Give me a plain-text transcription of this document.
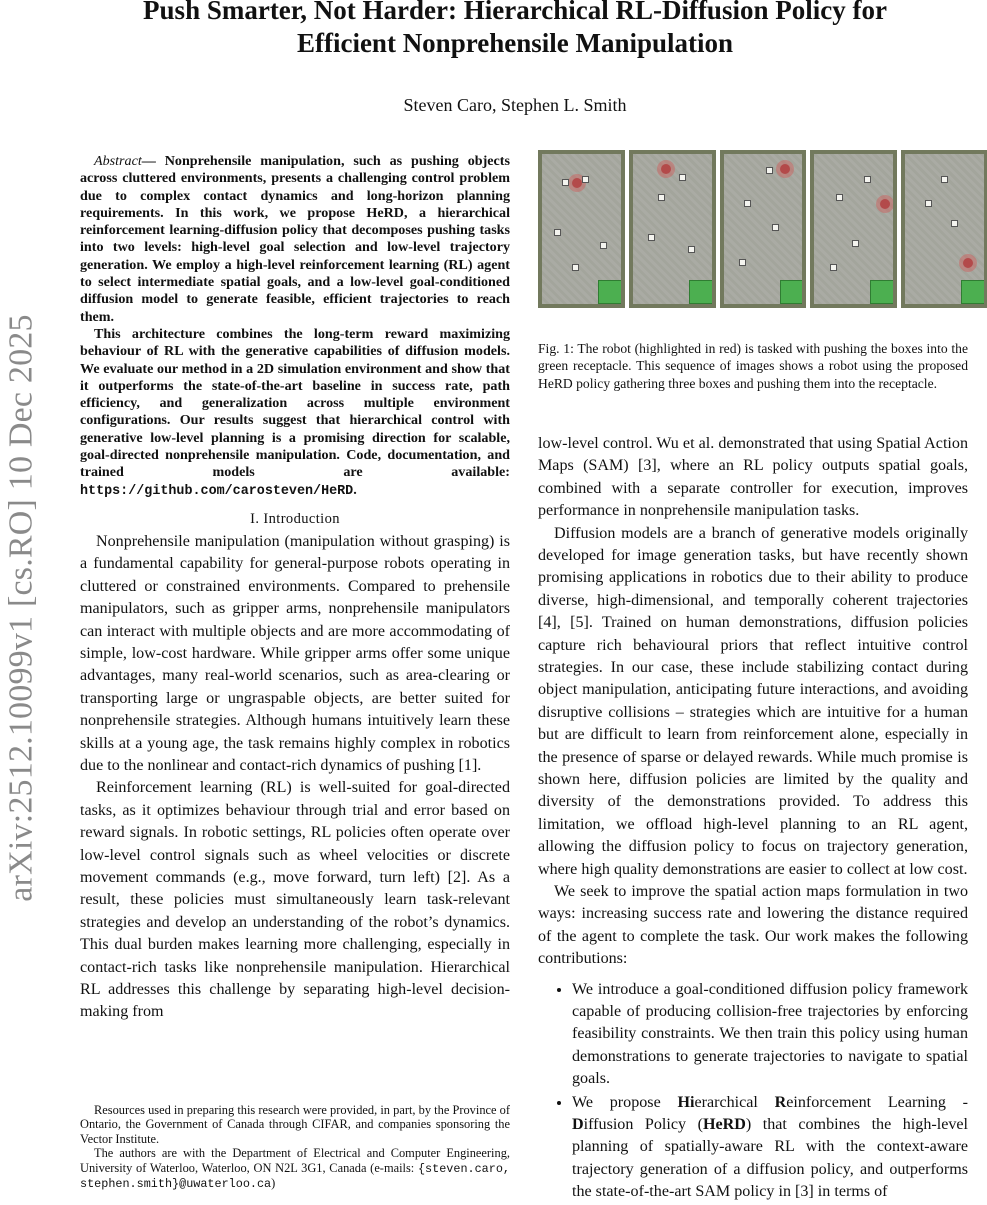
arXiv:2512.10099v1 [cs.RO] 10 Dec 2025
Push Smarter, Not Harder: Hierarchical RL-Diffusion Policy for
Efficient Nonprehensile Manipulation
Steven Caro, Stephen L. Smith

Abstract— Nonprehensile manipulation, such as pushing objects across cluttered environments, presents a challenging control problem due to complex contact dynamics and long-horizon planning requirements. In this work, we propose HeRD, a hierarchical reinforcement learning-diffusion policy that decomposes pushing tasks into two levels: high-level goal selection and low-level trajectory generation. We employ a high-level reinforcement learning (RL) agent to select intermediate spatial goals, and a low-level goal-conditioned diffusion model to generate feasible, efficient trajectories to reach them.

This architecture combines the long-term reward maximizing behaviour of RL with the generative capabilities of diffusion models. We evaluate our method in a 2D simulation environment and show that it outperforms the state-of-the-art baseline in success rate, path efficiency, and generalization across multiple environment configurations. Our results suggest that hierarchical control with generative low-level planning is a promising direction for scalable, goal-directed nonprehensile manipulation. Code, documentation, and trained models are available: https://github.com/carosteven/HeRD.

I. Introduction

Nonprehensile manipulation (manipulation without grasping) is a fundamental capability for general-purpose robots operating in cluttered or constrained environments. Compared to prehensile manipulators, such as gripper arms, nonprehensile manipulators can interact with multiple objects and are more accommodating of simple, low-cost hardware. While gripper arms offer some unique advantages, many real-world scenarios, such as area-clearing or transporting large or ungraspable objects, are better suited for nonprehensile strategies. Although humans intuitively learn these skills at a young age, the task remains highly complex in robotics due to the nonlinear and contact-rich dynamics of pushing [1].

Reinforcement learning (RL) is well-suited for goal-directed tasks, as it optimizes behaviour through trial and error based on reward signals. In robotic settings, RL policies often operate over low-level control signals such as wheel velocities or discrete movement commands (e.g., move forward, turn left) [2]. As a result, these policies must simultaneously learn task-relevant strategies and develop an understanding of the robot’s dynamics. This dual burden makes learning more challenging, especially in contact-rich tasks like nonprehensile manipulation. Hierarchical RL addresses this challenge by separating high-level decision-making from

Resources used in preparing this research were provided, in part, by the Province of Ontario, the Government of Canada through CIFAR, and companies sponsoring the Vector Institute.

The authors are with the Department of Electrical and Computer Engineering, University of Waterloo, Waterloo, ON N2L 3G1, Canada (e-mails: {steven.caro, stephen.smith}@uwaterloo.ca)

Fig. 1: The robot (highlighted in red) is tasked with pushing the boxes into the green receptacle. This sequence of images shows a robot using the proposed HeRD policy gathering three boxes and pushing them into the receptacle.

low-level control. Wu et al. demonstrated that using Spatial Action Maps (SAM) [3], where an RL policy outputs spatial goals, combined with a separate controller for execution, improves performance in nonprehensile manipulation tasks.

Diffusion models are a branch of generative models originally developed for image generation tasks, but have recently shown promising applications in robotics due to their ability to produce diverse, high-dimensional, and temporally coherent trajectories [4], [5]. Trained on human demonstrations, diffusion policies capture rich behavioural priors that reflect intuitive control strategies. In our case, these include stabilizing contact during object manipulation, anticipating future interactions, and avoiding disruptive collisions – strategies which are intuitive for a human but are difficult to learn from reinforcement alone, especially in the presence of sparse or delayed rewards. While much promise is shown here, diffusion policies are limited by the quality and diversity of the demonstrations provided. To address this limitation, we offload high-level planning to an RL agent, allowing the diffusion policy to focus on trajectory generation, where high quality demonstrations are easier to collect at low cost.

We seek to improve the spatial action maps formulation in two ways: increasing success rate and lowering the distance required of the agent to complete the task. Our work makes the following contributions:

• We introduce a goal-conditioned diffusion policy framework capable of producing collision-free trajectories by enforcing feasibility constraints. We then train this policy using human demonstrations to generate trajectories to navigate to spatial goals.
• We propose Hierarchical Reinforcement Learning - Diffusion Policy (HeRD) that combines the high-level planning of spatially-aware RL with the context-aware trajectory generation of a diffusion policy, and outperforms the state-of-the-art SAM policy in [3] in terms of
